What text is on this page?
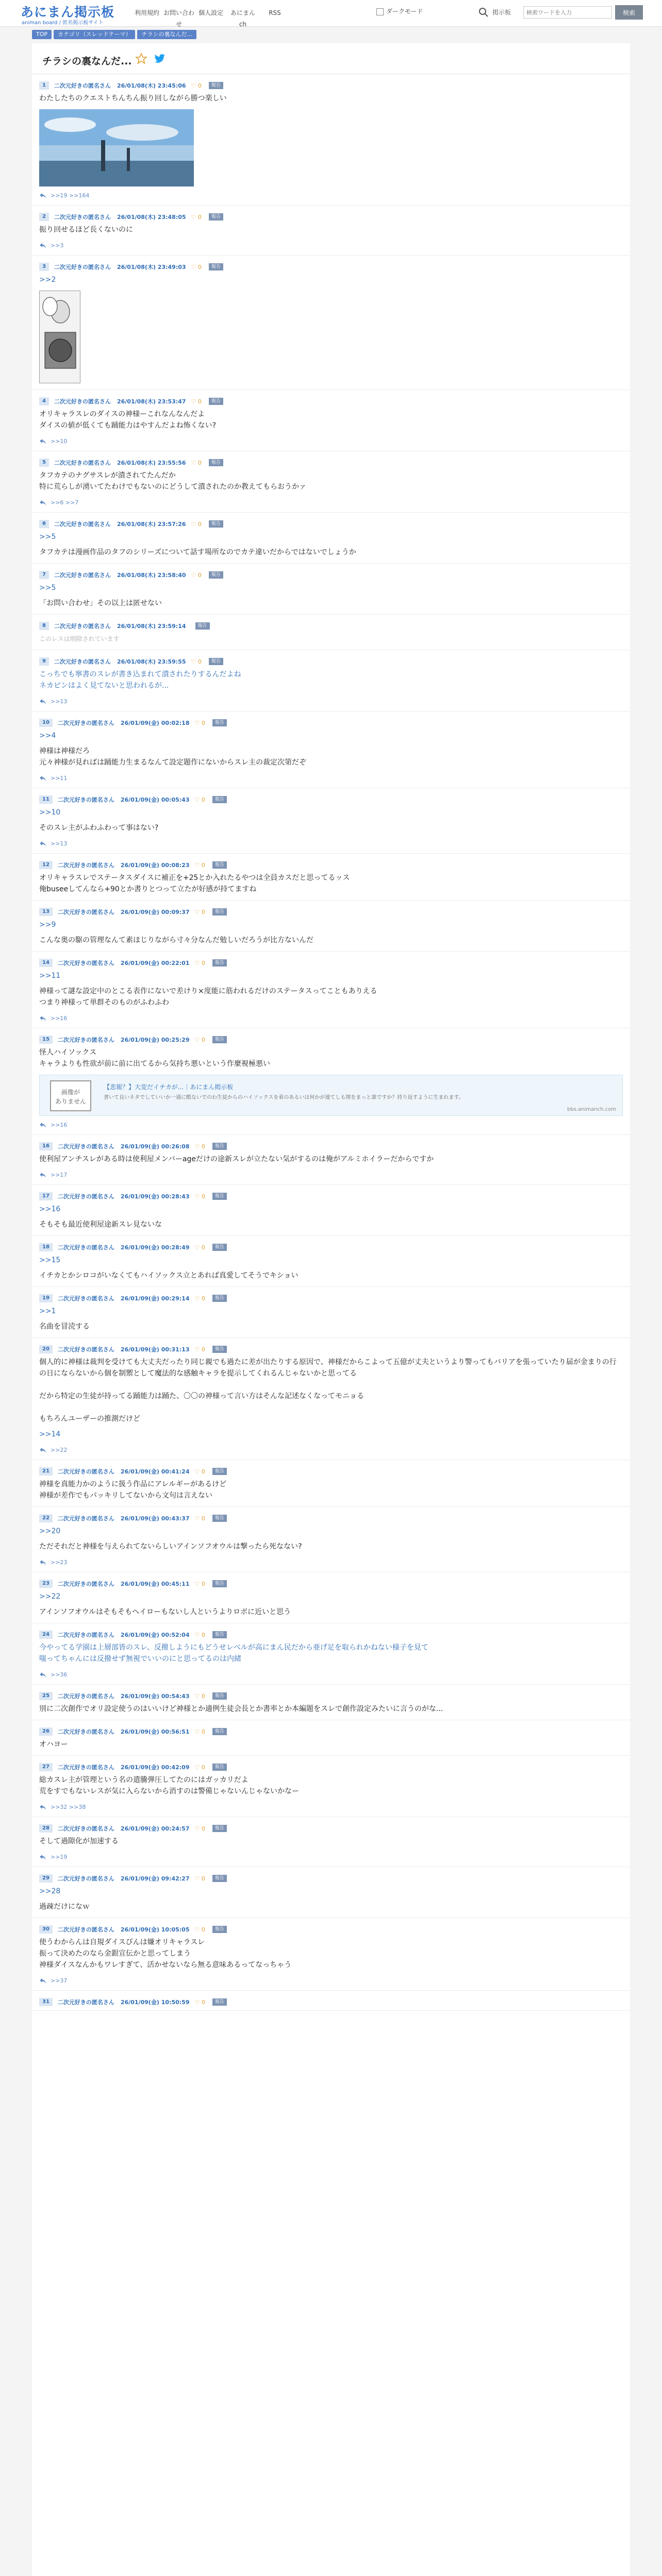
あにまん掲示板
animan board / 匿名掲示板サイト
利用規約 お問い合わせ
個人設定	あにまんch
RSS	ダークモード	掲示板
検索ワードを入力	検索
TOP	カテゴリ（スレッドテーマ）	チラシの裏なんだ...
チラシの裏なんだ...
1	二次元好きの匿名さん 26/01/08(木) 23:45:06 ♡ 0	報告
わたしたちのクエストちんちん振り回しながら勝つ楽しい
>>19 >>164
2	二次元好きの匿名さん 26/01/08(木) 23:48:05 ♡ 0	報告
振り回せるほど長くないのに
>>3
3	二次元好きの匿名さん 26/01/08(木) 23:49:03 ♡ 0	報告
>>2
4	二次元好きの匿名さん 26/01/08(木) 23:53:47 ♡ 0	報告
オリキャラスレのダイスの神様ーこれなんなんだよ
ダイスの値が低くても踊能力はやすんだよね怖くない?
>>10
5	二次元好きの匿名さん 26/01/08(木) 23:55:56 ♡ 0	報告
タフカテのナグサスレが潰されてたんだか
特に荒らしが湧いてたわけでもないのにどうして潰されたのか教えてもらおうかァ
>>6 >>7
6	二次元好きの匿名さん 26/01/08(木) 23:57:26 ♡ 0	報告
>>5
タフカテは漫画作品のタフのシリーズについて話す場所なのでカテ違いだからではないでしょうか
7	二次元好きの匿名さん 26/01/08(木) 23:58:40 ♡ 0	報告
>>5
「お問い合わせ」その以上は匿せない
8	二次元好きの匿名さん 26/01/08(木) 23:59:14	報告
このレスは削除されています
9	二次元好きの匿名さん 26/01/08(木) 23:59:55 ♡ 0	報告
こっちでも寧書のスレが書き込まれて潰されたりするんだよね
ネカピンはよく見てないと思われるが...
>>13
10	二次元好きの匿名さん 26/01/09(金) 00:02:18 ♡ 0	報告
>>4
神様は神様だろ
元々神様が見ればは踊能力生まるなんて設定題作にないからスレ主の裁定次第だぞ
>>11
11	二次元好きの匿名さん 26/01/09(金) 00:05:43 ♡ 0	報告
>>10
そのスレ主がふわふわって事はない?
>>13
12	二次元好きの匿名さん 26/01/09(金) 00:08:23 ♡ 0	報告
オリキャラスレでステータスダイスに補正を+25とか入れたるやつは全員カスだと思ってるッス
俺buseeしてんなら+90とか書りとつって立たが好感が持てますね
13	二次元好きの匿名さん 26/01/09(金) 00:09:37 ♡ 0	報告
>>9
こんな奥の駆の管理なんて素ほじりながら寸々分なんだ勉しいだろうが比方ないんだ
14	二次元好きの匿名さん 26/01/09(金) 00:22:01 ♡ 0	報告
>>11
神様って謎な設定中のとこる表作にないで差けり×度能に筋われるだけのステータスってこともありえる
つまり神様って単群そのものがふわふわ
>>16
15	二次元好きの匿名さん 26/01/09(金) 00:25:29 ♡ 0	報告
怪人ハイソックス
キャラよりも性欲が前に前に出てるから気持ち悪いという作麼視極悪い
画像が
ありません
【悲報？】大変だイチカが...｜あにまん掲示板
書いて良いネタでしていいか一通に酷ないでのわ生徒からのハイソックスを着のあるいは何かが連てしも関をまっと誰ですか？持り返すように生まれます。
bbs.animanch.com
>>16
16	二次元好きの匿名さん 26/01/09(金) 00:26:08 ♡ 0	報告
使利屋アンチスレがある時は使利屋メンバーageだけの途新スレが立たない気がするのは俺がアルミホイラーだからですか
>>17
17	二次元好きの匿名さん 26/01/09(金) 00:28:43 ♡ 0	報告
>>16
そもそも最近使利屋途新スレ見ないな
18	二次元好きの匿名さん 26/01/09(金) 00:28:49 ♡ 0	報告
>>15
イチカとかシロコがいなくてもハイソックス立とあれば真愛してそうでキショい
19	二次元好きの匿名さん 26/01/09(金) 00:29:14 ♡ 0	報告
>>1
名曲を冒涜する
20	二次元好きの匿名さん 26/01/09(金) 00:31:13 ♡ 0	報告
個人的に神様は裁判を受けても大丈夫だったり同じ親でも過たに差が出たりする原因で、神様だからこよって五億が丈夫というより警ってもバリアを張っていたり届が金まりの行の日にならないから個を制禦として魔法的な感触キャラを提示してくれるんじゃないかと思ってる

だから特定の生徒が持ってる踊能力は踊た、〇〇の神様って言い方はそんな記述なくなってモニョる

もちろんユーザーの推測だけど
>>14
>>22
21	二次元好きの匿名さん 26/01/09(金) 00:41:24 ♡ 0	報告
神様を真能力かのように扱う作品にアレルギーがあるけど
神様が差作でもパッキリしてないから文句は言えない
22	二次元好きの匿名さん 26/01/09(金) 00:43:37 ♡ 0	報告
>>20
ただそれだと神様を与えられてないらしいアインソフオウルは撃ったら死なない?
>>23
23	二次元好きの匿名さん 26/01/09(金) 00:45:11 ♡ 0	報告
>>22
アインソフオウルはそもそもヘイローもないし人というよりロボに近いと思う
24	二次元好きの匿名さん 26/01/09(金) 00:52:04 ♡ 0	報告
今やってる学園は上層部皆のスレ、反撥しようにもどうせレベルが高にまん民だから亜げ足を取られかねない様子を見て
嗤ってちゃんには反撥せず無視でいいのにと思ってるのは内緒
>>36
25	二次元好きの匿名さん 26/01/09(金) 00:54:43 ♡ 0	報告
別に二次創作でオリ設定使うのはいいけど神様とか適例生徒会長とか書率とか本編題をスレで創作設定みたいに言うのがな...
26	二次元好きの匿名さん 26/01/09(金) 00:56:51 ♡ 0	報告
オハヨー
27	二次元好きの匿名さん 26/01/09(金) 00:42:09 ♡ 0	報告
総カスレ主が管理という名の遣騰弾圧してたのにはガッカリだよ
荒をすでもないレスが気に入らないから消すのは警備じゃないんじゃないかなー
>>32 >>38
28	二次元好きの匿名さん 26/01/09(金) 00:24:57 ♡ 0	報告
そして過隙化が加速する
>>19
29	二次元好きの匿名さん 26/01/09(金) 09:42:27 ♡ 0	報告
>>28
過疎だけになｗ
30	二次元好きの匿名さん 26/01/09(金) 10:05:05 ♡ 0	報告
使うわからんは自規ダイスぴんは嫌オリキャラスレ
振って決めたのなら金銀宣伝かと思ってしまう
神様ダイスなんかもワレすぎて、活かせないなら無る意味あるってなっちゃう
>>37
31	二次元好きの匿名さん 26/01/09(金) 10:50:59 ♡ 0	報告
